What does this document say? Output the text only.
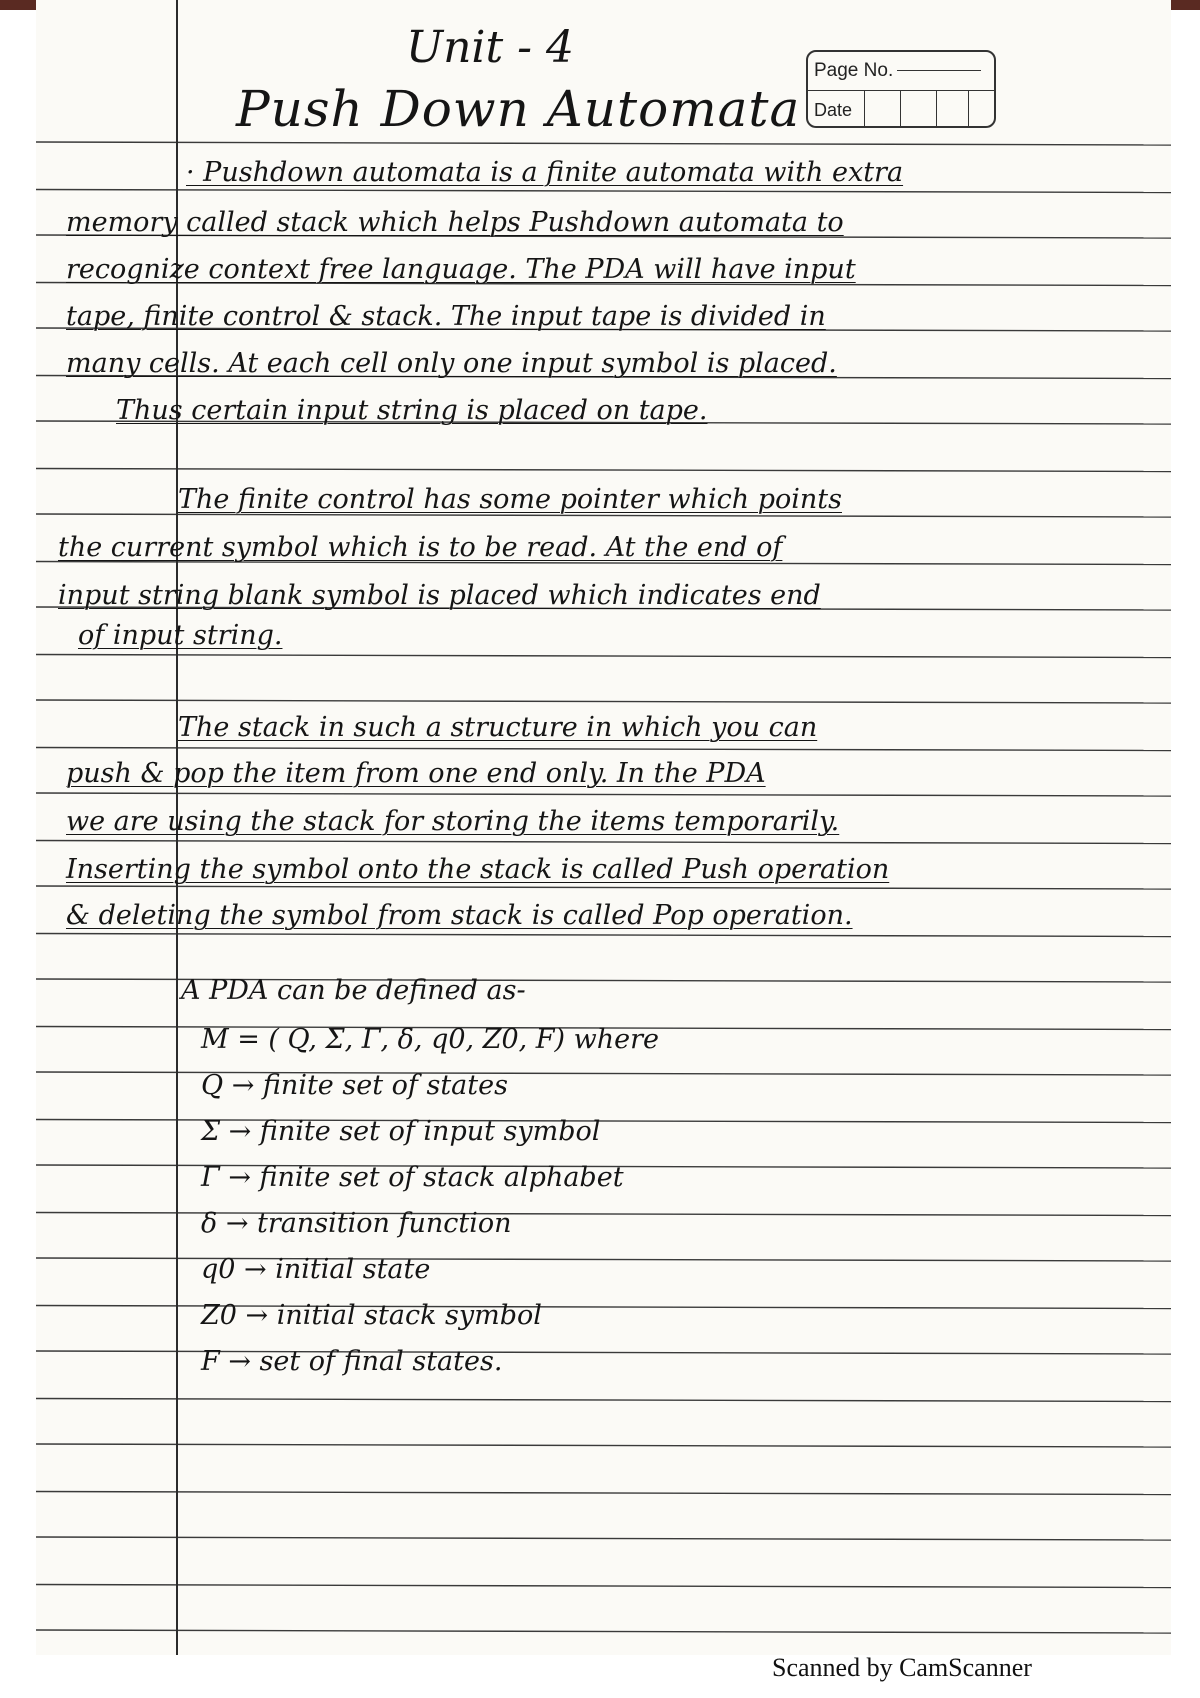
Unit - 4
Push Down Automata
Page No.
Date
· Pushdown automata is a finite automata with extra
memory called stack which helps Pushdown automata to
recognize context free language. The PDA will have input
tape, finite control & stack. The input tape is divided in
many cells. At each cell only one input symbol is placed.
Thus certain input string is placed on tape.
The finite control has some pointer which points
the current symbol which is to be read. At the end of
input string blank symbol is placed which indicates end
of input string.
The stack in such a structure in which you can
push & pop the item from one end only. In the PDA
we are using the stack for storing the items temporarily.
Inserting the symbol onto the stack is called Push operation
& deleting the symbol from stack is called Pop operation.
A PDA can be defined as-
M = ( Q, Σ, Γ, δ, q0, Z0, F) where
Q → finite set of states
Σ → finite set of input symbol
Γ → finite set of stack alphabet
δ → transition function
q0 → initial state
Z0 → initial stack symbol
F → set of final states.
Scanned by CamScanner
